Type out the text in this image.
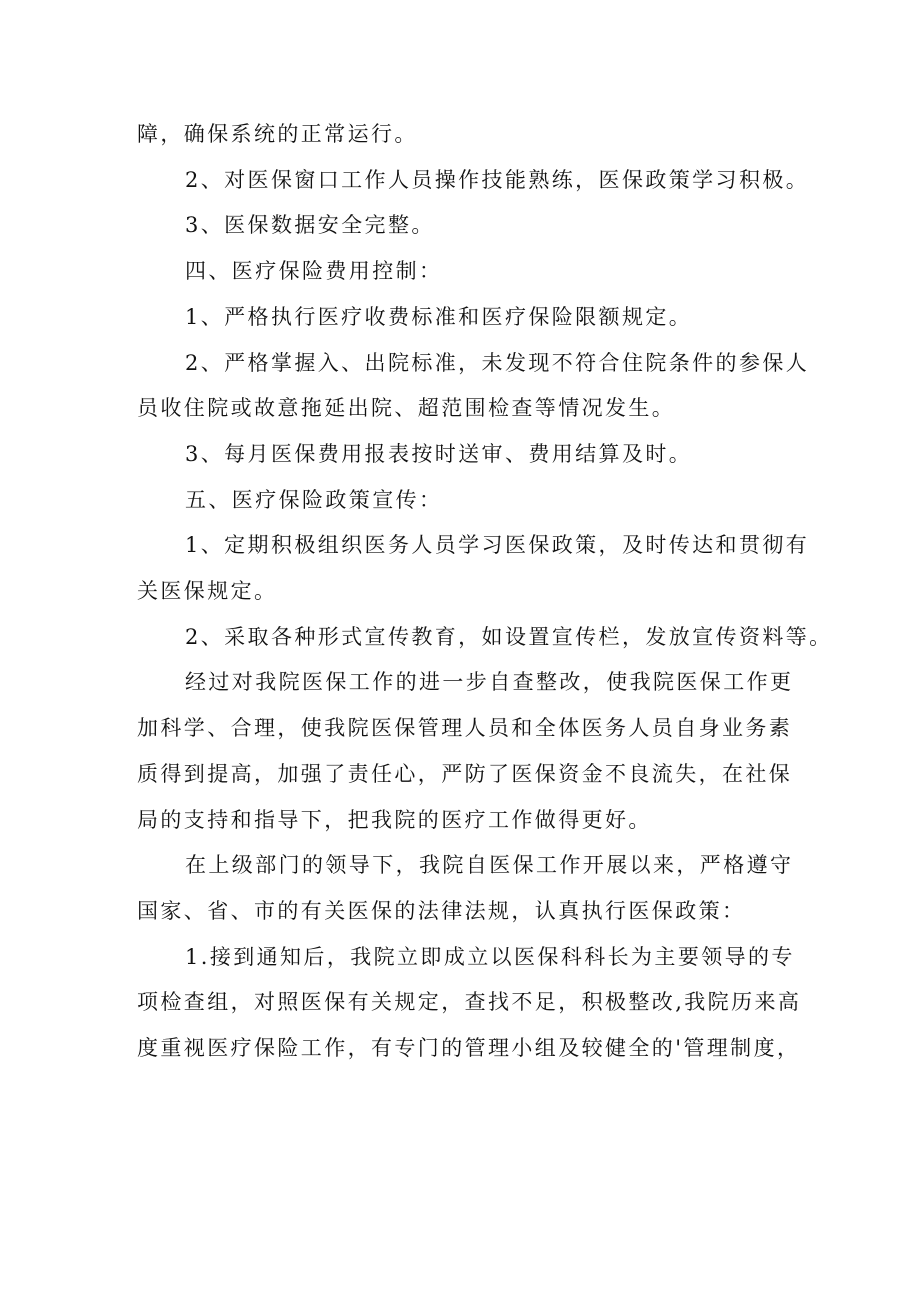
障，确保系统的正常运行。
2、对医保窗口工作人员操作技能熟练，医保政策学习积极。
3、医保数据安全完整。
四、医疗保险费用控制：
1、严格执行医疗收费标准和医疗保险限额规定。
2、严格掌握入、出院标准，未发现不符合住院条件的参保人
员收住院或故意拖延出院、超范围检查等情况发生。
3、每月医保费用报表按时送审、费用结算及时。
五、医疗保险政策宣传：
1、定期积极组织医务人员学习医保政策，及时传达和贯彻有
关医保规定。
2、采取各种形式宣传教育，如设置宣传栏，发放宣传资料等。
经过对我院医保工作的进一步自查整改，使我院医保工作更
加科学、合理，使我院医保管理人员和全体医务人员自身业务素
质得到提高，加强了责任心，严防了医保资金不良流失，在社保
局的支持和指导下，把我院的医疗工作做得更好。
在上级部门的领导下，我院自医保工作开展以来，严格遵守
国家、省、市的有关医保的法律法规，认真执行医保政策：
1.接到通知后，我院立即成立以医保科科长为主要领导的专
项检查组，对照医保有关规定，查找不足，积极整改,我院历来高
度重视医疗保险工作，有专门的管理小组及较健全的'管理制度，
